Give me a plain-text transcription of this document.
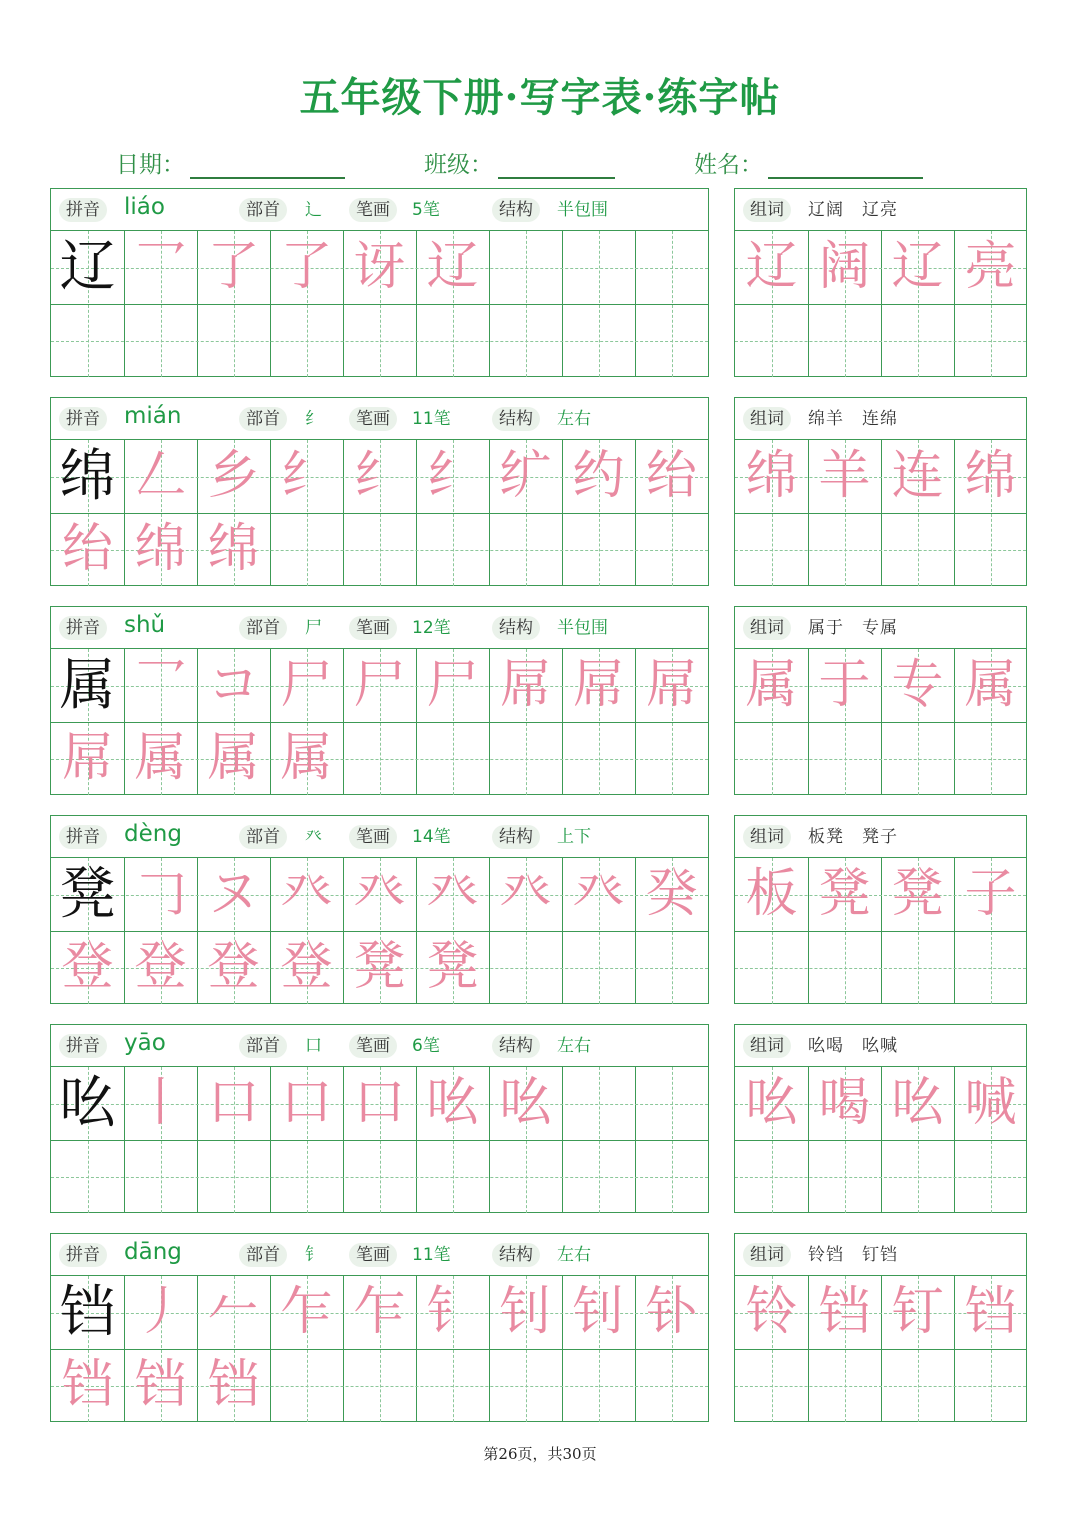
五年级下册·写字表·练字帖
日期：	班级：	姓名：
拼音	liáo	部首	辶	笔画	5笔	结构	半包围
辽 乛 了 了 讶 辽
组词	辽阔　辽亮
辽 阔 辽 亮
拼音	mián	部首	纟	笔画	11笔	结构	左右
绵 𠃋 乡 纟 纟 纟 纩 约 绐
绐 绵 绵
组词	绵羊　连绵
绵 羊 连 绵
拼音	shǔ	部首	尸	笔画	12笔	结构	半包围
属 乛 コ 尸 尸 尸 屌 屌 屌
屌 属 属 属
组词	属于　专属
属 于 专 属
拼音	dèng	部首	癶	笔画	14笔	结构	上下
凳 𠃌 ヌ 癶 癶 癶 癶 癶 癸
登 登 登 登 凳 凳
组词	板凳　凳子
板 凳 凳 子
拼音	yāo	部首	口	笔画	6笔	结构	左右
吆 丨 口 口 口 吆 吆
组词	吆喝　吆喊
吆 喝 吆 喊
拼音	dāng	部首	钅	笔画	11笔	结构	左右
铛 丿 𠂉 乍 乍 钅 钊 钊 钋
铛 铛 铛
组词	铃铛　钉铛
铃 铛 钉 铛
第26页，共30页
